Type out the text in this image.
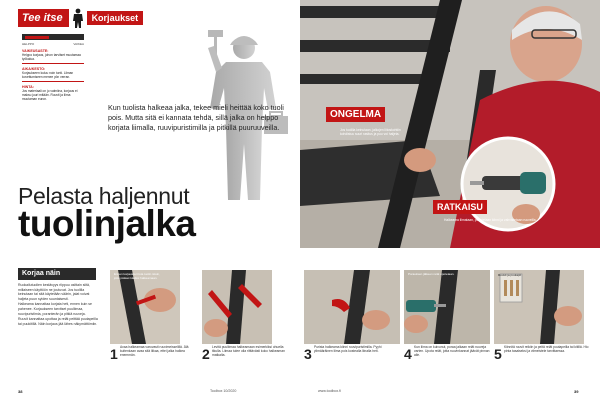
Tee itse	Korjaukset
HELPPO	VAIKEA
VAIKEUSASTE:
Helppo korjaus, johon tarvitset muutamaa työkalua.
AIKA/KESTO:
Korjaukseen kuluu noin tunti. Liiman kovettumiseen menee yön verran.
HINTA:
Jos materiaali on jo valmiina, korjaus ei maksu juuri mitään. Ruuvit ja liima muutaman euron.
Kun tuolista halkeaa jalka, tekee mieli heittää koko tuoli pois. Mutta sitä ei kannata tehdä, sillä jalka on helppo korjata liimalla, ruuvipuristimilla ja pitkillä puuruuveilla.
Pelasta haljennut
tuolinjalka
Korjaa näin

Ruokailutuolien kestävyys riippuu osittain siitä, millaiseen käyttöön ne joutuvat. Jos tuolilla keinutaan tai sitä käytetään väärin, jalat voivat haljeta puun syiden suuntaisesti.

Halkeama kannattaa korjata heti, ennen kuin se pahenee. Korjaukseen tarvitset puuliimaa, ruuvipuristimia, poranterän ja pitkiä ruuveja.

Ruuvit kannattaa upottaa ja reiät peittää puutapeilla tai puukitillä. Näin korjaus jää lähes näkymättömiin.

ONGELMA
Jos tuolilla keinutaan, jalkojen liitoskohtiin kohdistuu suuri rasitus ja puu voi haljeta.
RATKAISU
Halkeama liimataan, puristetaan kiinni ja vahvistetaan ruuveilla.
Ennen korjausta irrota tuolin istuin, jotta pääset käsiksi halkeamaan.
1 Avaa halkeamaa varovasti ruuvimeisselillä. Älä kuitenkaan avaa sitä liikaa, ettei jalka halkea enemmän.	2 Levitä puuliimaa halkeamaan esimerkiksi ohuella tikulla. Liimaa tulee olla riittävästi koko halkeaman matkalta.	3 Purista halkeama kiinni ruuvipuristimilla. Pyyhi ylimääräinen liima pois kostealla liinalla heti.
Porauksen jälkeen reiät upotetaan.
4 Kun liima on kuivunut, poraa jalkaan reiät ruuveja varten. Upota reiät, jotta ruuvinkannat jäävät pinnan alle.
Ruuvit ja puutapit
5 Kiinnitä ruuvit reikiin ja peitä reiät puutapeilla tai kitillä. Hio pinta tasaiseksi ja viimeistele tarvittaessa.
38	Toolbox 10/2020	www.toolbox.fi	39
